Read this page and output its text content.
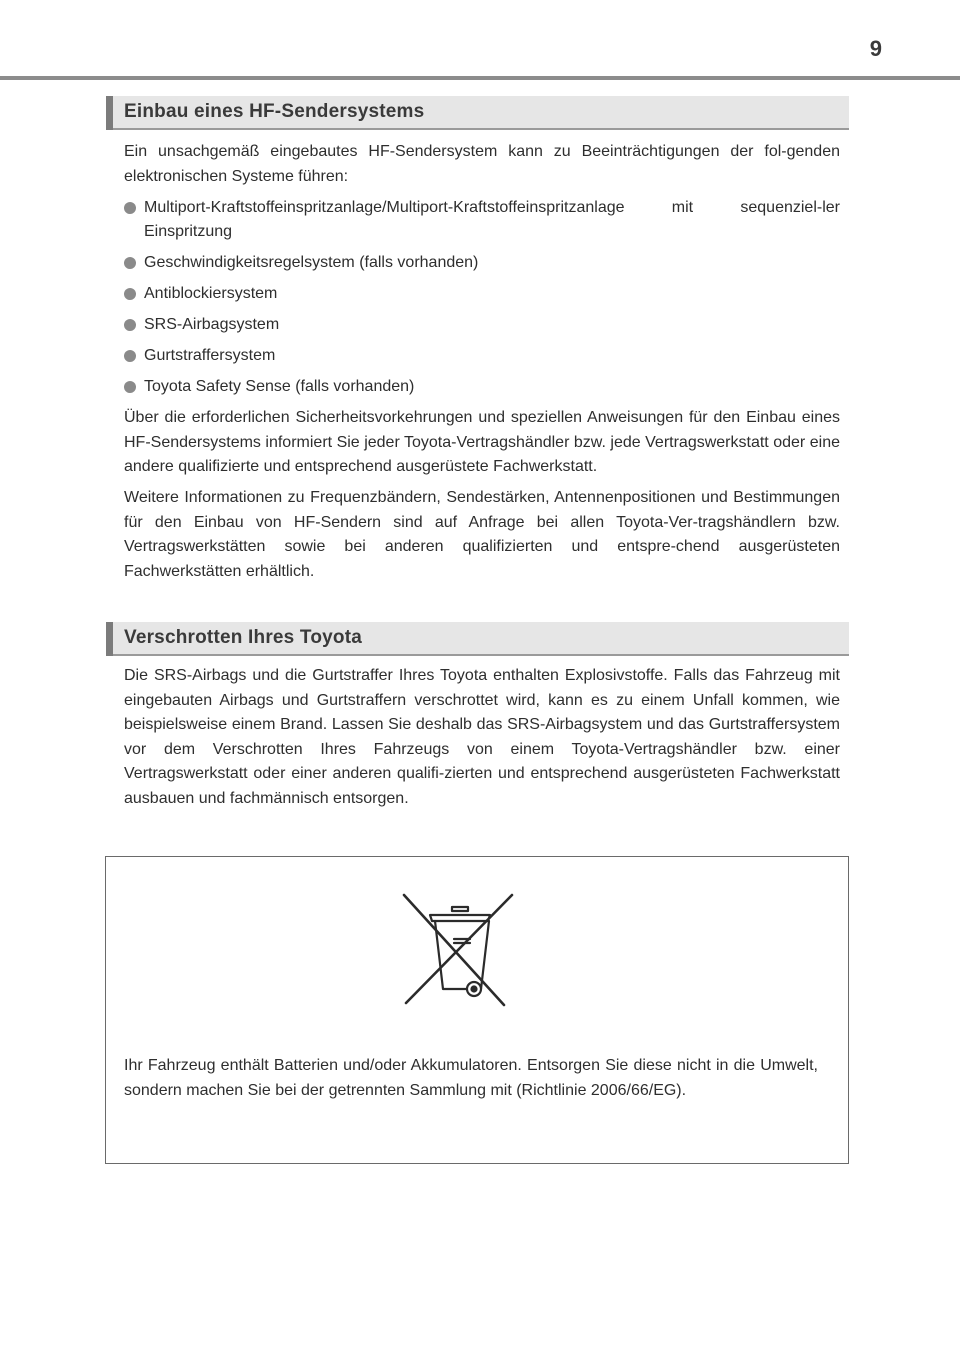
9
Einbau eines HF-Sendersystems

Ein unsachgemäß eingebautes HF-Sendersystem kann zu Beeinträchtigungen der fol-genden elektronischen Systeme führen:

Multiport-Kraftstoffeinspritzanlage/Multiport-Kraftstoffeinspritzanlage mit sequenziel-ler Einspritzung
Geschwindigkeitsregelsystem (falls vorhanden)
Antiblockiersystem
SRS-Airbagsystem
Gurtstraffersystem
Toyota Safety Sense (falls vorhanden)

Über die erforderlichen Sicherheitsvorkehrungen und speziellen Anweisungen für den Einbau eines HF-Sendersystems informiert Sie jeder Toyota-Vertragshändler bzw. jede Vertragswerkstatt oder eine andere qualifizierte und entsprechend ausgerüstete Fachwerkstatt.

Weitere Informationen zu Frequenzbändern, Sendestärken, Antennenpositionen und Bestimmungen für den Einbau von HF-Sendern sind auf Anfrage bei allen Toyota-Ver-tragshändlern bzw. Vertragswerkstätten sowie bei anderen qualifizierten und entspre-chend ausgerüsteten Fachwerkstätten erhältlich.

Verschrotten Ihres Toyota

Die SRS-Airbags und die Gurtstraffer Ihres Toyota enthalten Explosivstoffe. Falls das Fahrzeug mit eingebauten Airbags und Gurtstraffern verschrottet wird, kann es zu einem Unfall kommen, wie beispielsweise einem Brand. Lassen Sie deshalb das SRS-Airbagsystem und das Gurtstraffersystem vor dem Verschrotten Ihres Fahrzeugs von einem Toyota-Vertragshändler bzw. einer Vertragswerkstatt oder einer anderen qualifi-zierten und entsprechend ausgerüsteten Fachwerkstatt ausbauen und fachmännisch entsorgen.

Ihr Fahrzeug enthält Batterien und/oder Akkumulatoren. Entsorgen Sie diese nicht in die Umwelt, sondern machen Sie bei der getrennten Sammlung mit (Richtlinie 2006/66/EG).
